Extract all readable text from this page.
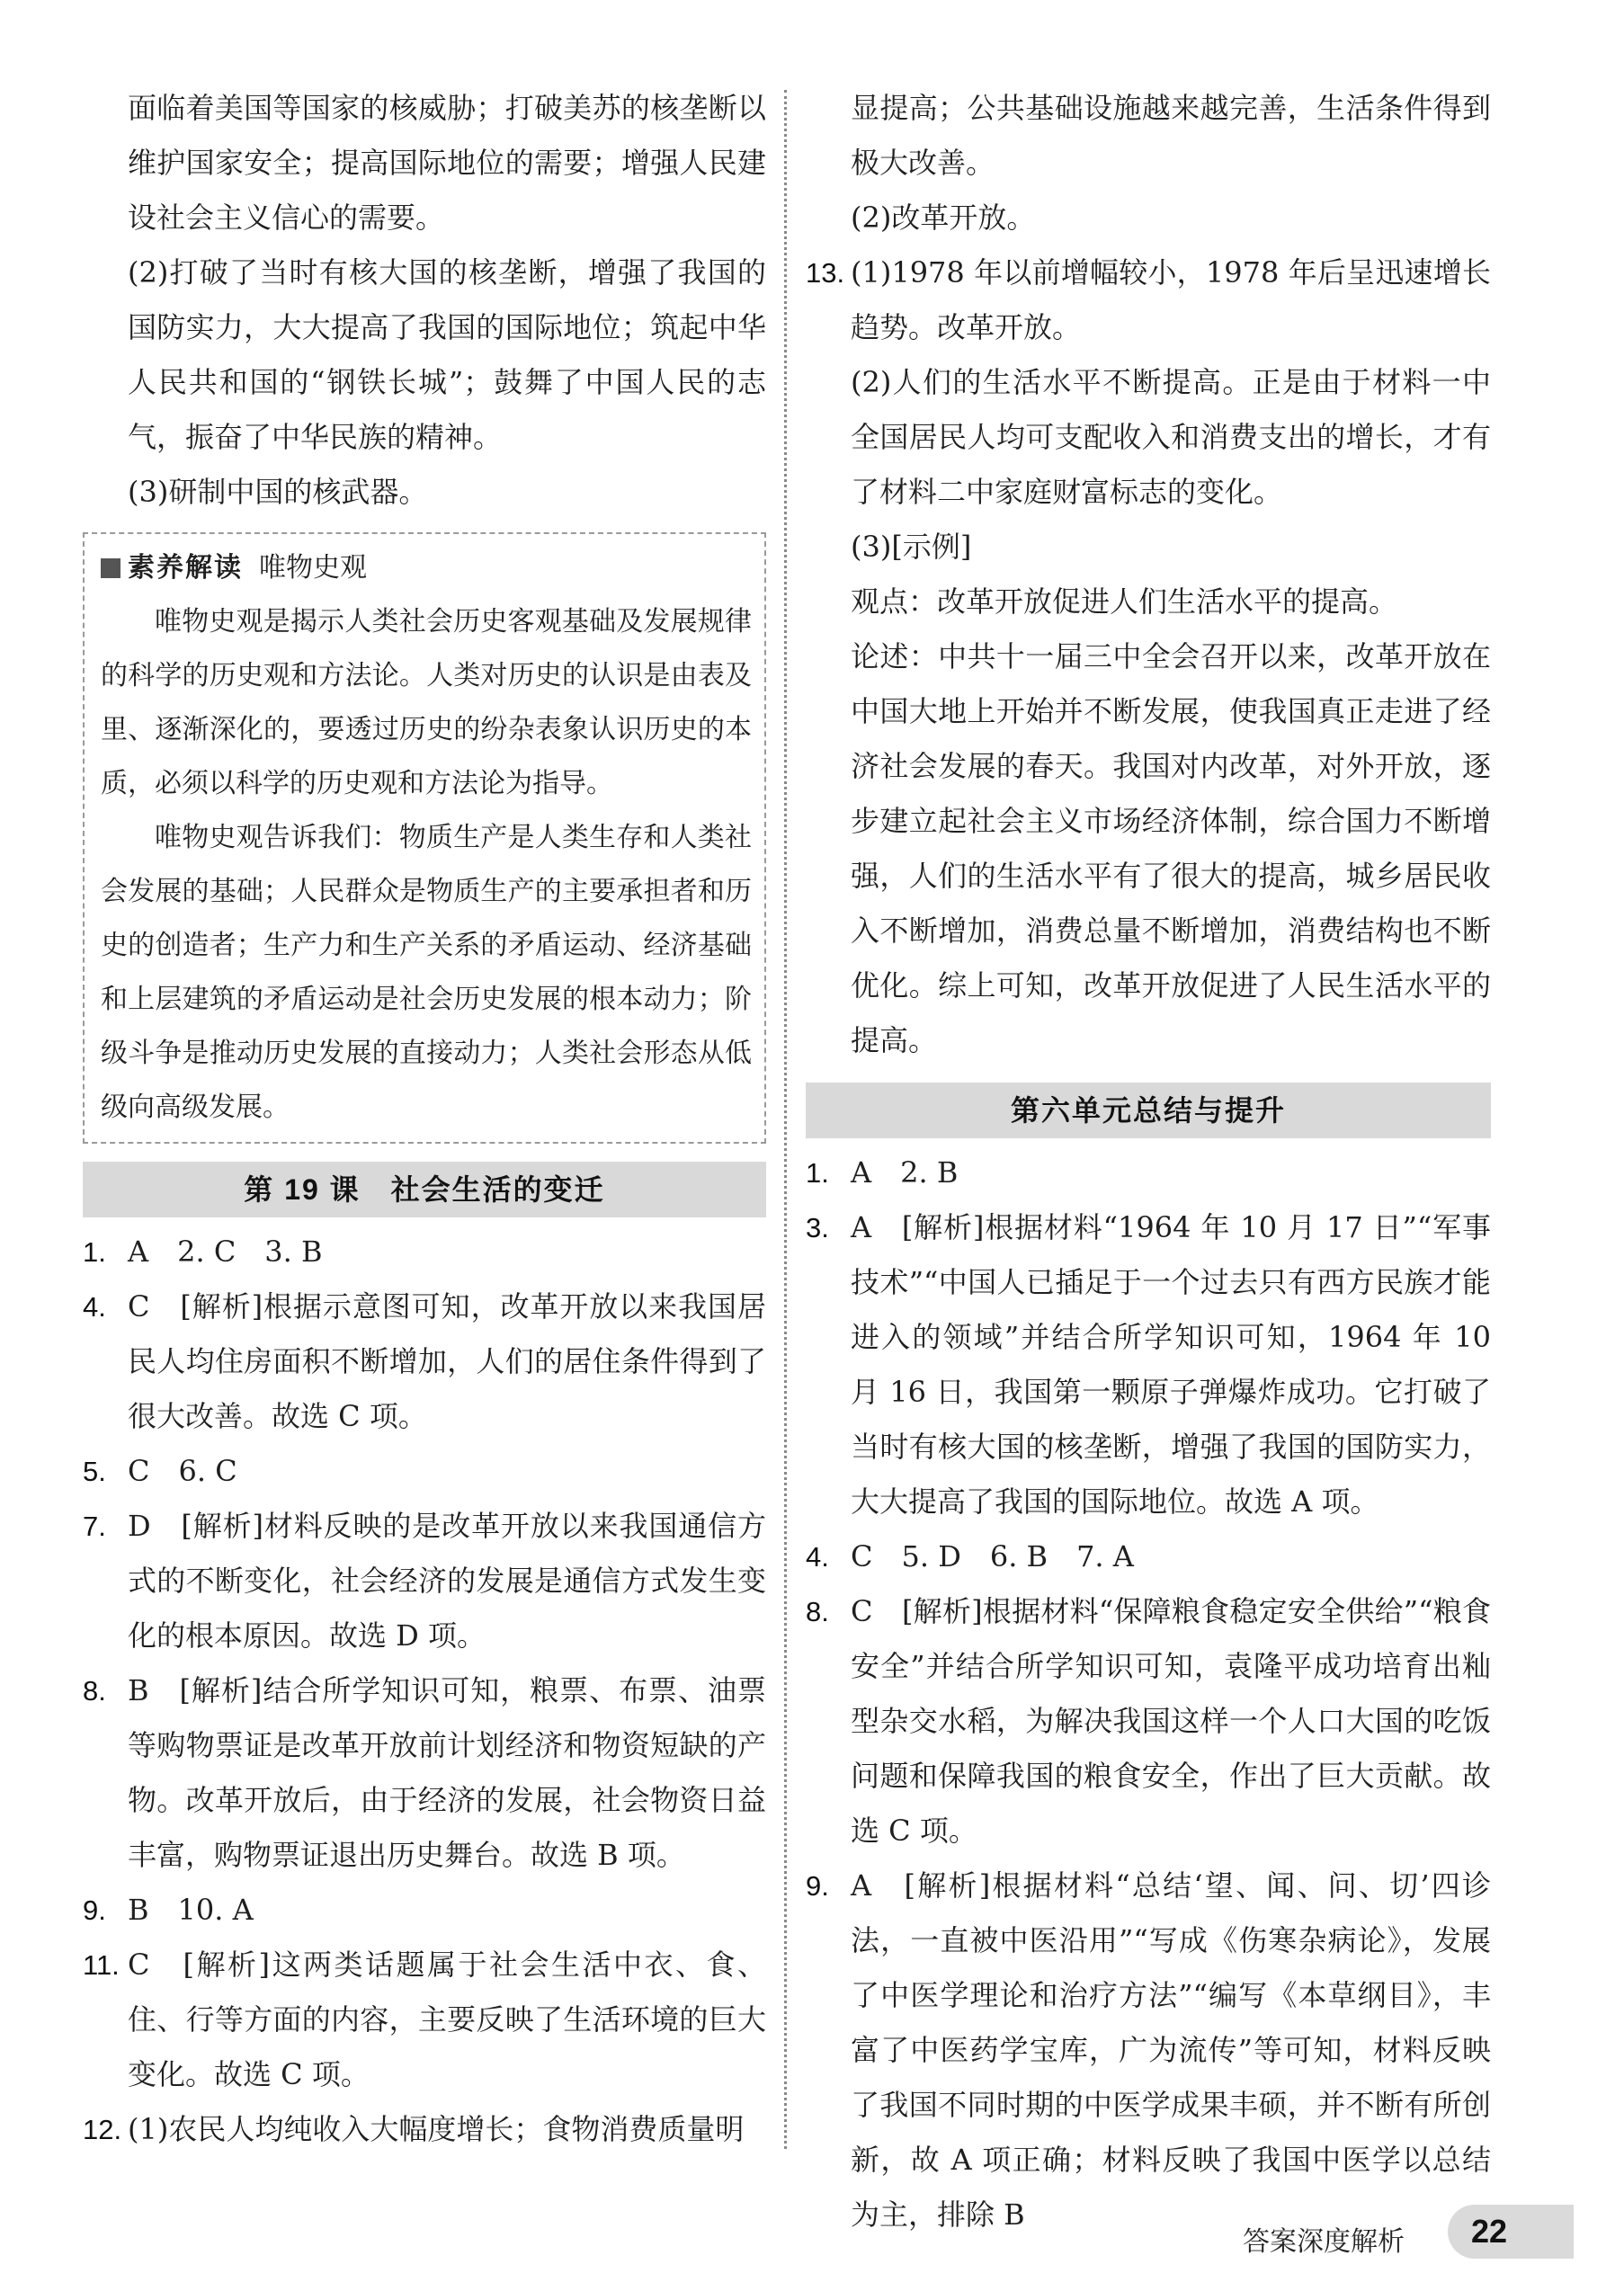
面临着美国等国家的核威胁；打破美苏的核垄断以维护国家安全；提高国际地位的需要；增强人民建设社会主义信心的需要。
(2)打破了当时有核大国的核垄断，增强了我国的国防实力，大大提高了我国的国际地位；筑起中华人民共和国的“钢铁长城”；鼓舞了中国人民的志气，振奋了中华民族的精神。
(3)研制中国的核武器。
素养解读 唯物史观

唯物史观是揭示人类社会历史客观基础及发展规律的科学的历史观和方法论。人类对历史的认识是由表及里、逐渐深化的，要透过历史的纷杂表象认识历史的本质，必须以科学的历史观和方法论为指导。

唯物史观告诉我们：物质生产是人类生存和人类社会发展的基础；人民群众是物质生产的主要承担者和历史的创造者；生产力和生产关系的矛盾运动、经济基础和上层建筑的矛盾运动是社会历史发展的根本动力；阶级斗争是推动历史发展的直接动力；人类社会形态从低级向高级发展。

第 19 课　社会生活的变迁
1. A　2. C　3. B
4. C　[解析]根据示意图可知，改革开放以来我国居民人均住房面积不断增加，人们的居住条件得到了很大改善。故选 C 项。
5. C　6. C
7. D　[解析]材料反映的是改革开放以来我国通信方式的不断变化，社会经济的发展是通信方式发生变化的根本原因。故选 D 项。
8. B　[解析]结合所学知识可知，粮票、布票、油票等购物票证是改革开放前计划经济和物资短缺的产物。改革开放后，由于经济的发展，社会物资日益丰富，购物票证退出历史舞台。故选 B 项。
9. B　10. A
11. C　[解析]这两类话题属于社会生活中衣、食、住、行等方面的内容，主要反映了生活环境的巨大变化。故选 C 项。
12. (1)农民人均纯收入大幅度增长；食物消费质量明
显提高；公共基础设施越来越完善，生活条件得到极大改善。
(2)改革开放。
13. (1)1978 年以前增幅较小，1978 年后呈迅速增长趋势。改革开放。
(2)人们的生活水平不断提高。正是由于材料一中全国居民人均可支配收入和消费支出的增长，才有了材料二中家庭财富标志的变化。
(3)[示例]
观点：改革开放促进人们生活水平的提高。
论述：中共十一届三中全会召开以来，改革开放在中国大地上开始并不断发展，使我国真正走进了经济社会发展的春天。我国对内改革，对外开放，逐步建立起社会主义市场经济体制，综合国力不断增强，人们的生活水平有了很大的提高，城乡居民收入不断增加，消费总量不断增加，消费结构也不断优化。综上可知，改革开放促进了人民生活水平的提高。
第六单元总结与提升
1. A　2. B
3. A　[解析]根据材料“1964 年 10 月 17 日”“军事技术”“中国人已插足于一个过去只有西方民族才能进入的领域”并结合所学知识可知，1964 年 10 月 16 日，我国第一颗原子弹爆炸成功。它打破了当时有核大国的核垄断，增强了我国的国防实力，大大提高了我国的国际地位。故选 A 项。
4. C　5. D　6. B　7. A
8. C　[解析]根据材料“保障粮食稳定安全供给”“粮食安全”并结合所学知识可知，袁隆平成功培育出籼型杂交水稻，为解决我国这样一个人口大国的吃饭问题和保障我国的粮食安全，作出了巨大贡献。故选 C 项。
9. A　[解析]根据材料“总结‘望、闻、问、切’四诊法，一直被中医沿用”“写成《伤寒杂病论》，发展了中医学理论和治疗方法”“编写《本草纲目》，丰富了中医药学宝库，广为流传”等可知，材料反映了我国不同时期的中医学成果丰硕，并不断有所创新，故 A 项正确；材料反映了我国中医学以总结为主，排除 B
答案深度解析	22
